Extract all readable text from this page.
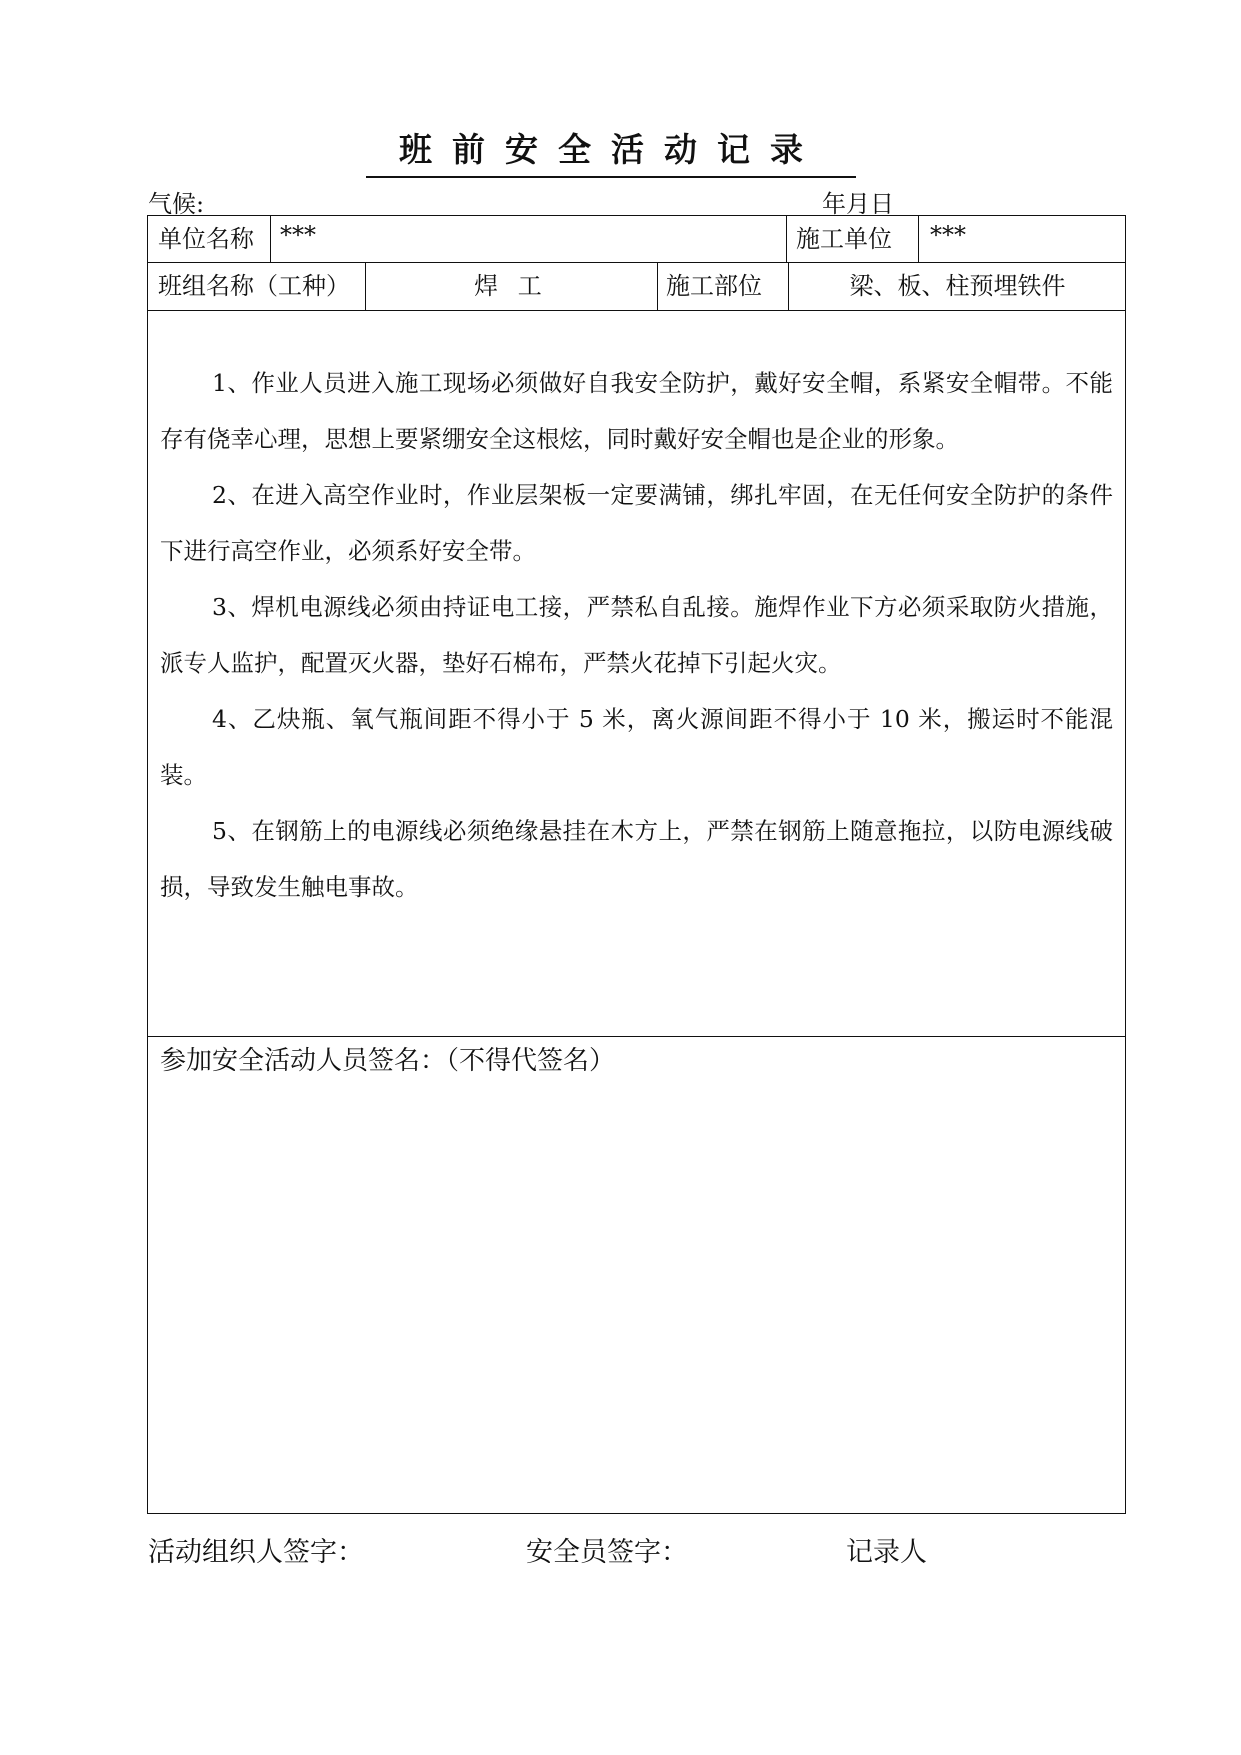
班前安全活动记录
气候:	年月日
单位名称 ***	施工单位 ***
班组名称（工种）	焊 工	施工部位	梁、板、柱预埋铁件

1、作业人员进入施工现场必须做好自我安全防护，戴好安全帽，系紧安全帽带。不能存有侥幸心理，思想上要紧绷安全这根炫，同时戴好安全帽也是企业的形象。

2、在进入高空作业时，作业层架板一定要满铺，绑扎牢固，在无任何安全防护的条件下进行高空作业，必须系好安全带。

3、焊机电源线必须由持证电工接，严禁私自乱接。施焊作业下方必须采取防火措施，派专人监护，配置灭火器，垫好石棉布，严禁火花掉下引起火灾。

4、乙炔瓶、氧气瓶间距不得小于 5 米，离火源间距不得小于 10 米，搬运时不能混装。

5、在钢筋上的电源线必须绝缘悬挂在木方上，严禁在钢筋上随意拖拉，以防电源线破损，导致发生触电事故。

参加安全活动人员签名：（不得代签名）
活动组织人签字：	安全员签字：	记录人
